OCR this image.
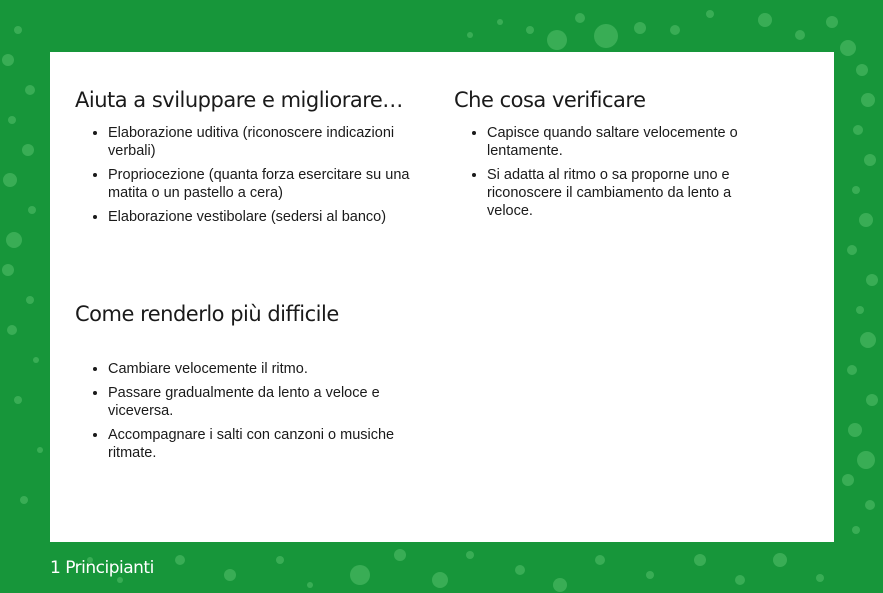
Aiuta a sviluppare e migliorare…
• Elaborazione uditiva (riconoscere indicazioni verbali)
• Propriocezione (quanta forza esercitare su una matita o un pastello a cera)
• Elaborazione vestibolare (sedersi al banco)
Che cosa verificare
• Capisce quando saltare velocemente o lentamente.
• Si adatta al ritmo o sa proporne uno e riconoscere il cambiamento da lento a veloce.
Come renderlo più difficile
• Cambiare velocemente il ritmo.
• Passare gradualmente da lento a veloce e viceversa.
• Accompagnare i salti con canzoni o musiche ritmate.
1 Principianti
